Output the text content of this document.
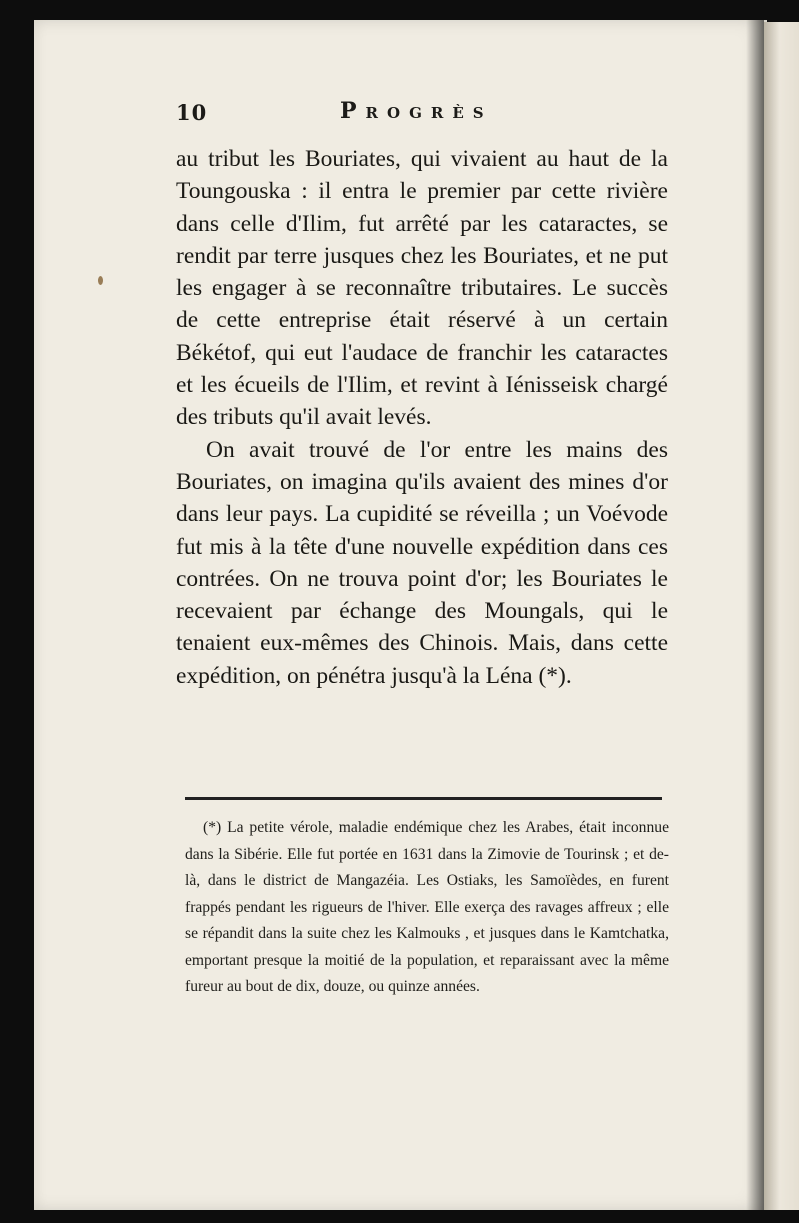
10	Progrès

au tribut les Bouriates, qui vivaient au haut de la Toungouska : il entra le premier par cette rivière dans celle d'Ilim, fut arrêté par les cataractes, se rendit par terre jusques chez les Bouriates, et ne put les engager à se reconnaître tributaires. Le succès de cette entreprise était réservé à un certain Békétof, qui eut l'audace de franchir les cataractes et les écueils de l'Ilim, et revint à Iénisseisk chargé des tributs qu'il avait levés.

On avait trouvé de l'or entre les mains des Bouriates, on imagina qu'ils avaient des mines d'or dans leur pays. La cupidité se réveilla ; un Voévode fut mis à la tête d'une nouvelle expédition dans ces contrées. On ne trouva point d'or; les Bouriates le recevaient par échange des Moungals, qui le tenaient eux-mêmes des Chinois. Mais, dans cette expédition, on pénétra jusqu'à la Léna (*).

(*) La petite vérole, maladie endémique chez les Arabes, était inconnue dans la Sibérie. Elle fut portée en 1631 dans la Zimovie de Tourinsk ; et de-là, dans le district de Mangazéia. Les Ostiaks, les Samoïèdes, en furent frappés pendant les rigueurs de l'hiver. Elle exerça des ravages affreux ; elle se répandit dans la suite chez les Kalmouks , et jusques dans le Kamtchatka, emportant presque la moitié de la population, et reparaissant avec la même fureur au bout de dix, douze, ou quinze années.
